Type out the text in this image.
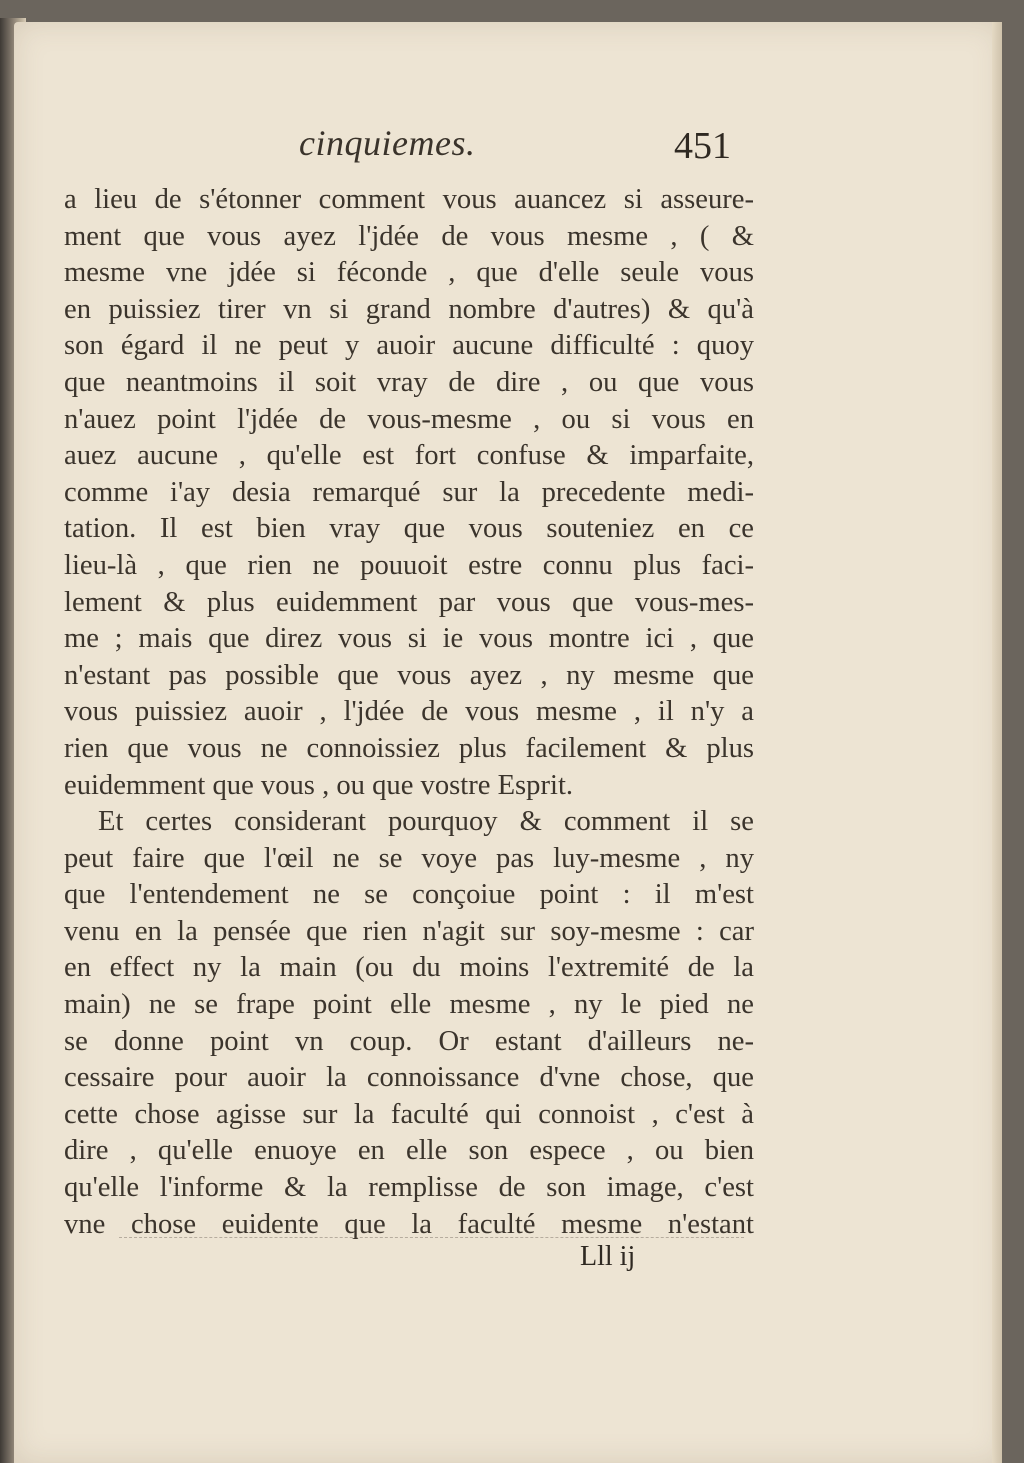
cinquiemes.	451
a lieu de s'étonner comment vous auancez si asseure-
ment que vous ayez l'jdée de vous mesme , ( &
mesme vne jdée si féconde , que d'elle seule vous
en puissiez tirer vn si grand nombre d'autres) & qu'à
son égard il ne peut y auoir aucune difficulté : quoy
que neantmoins il soit vray de dire , ou que vous
n'auez point l'jdée de vous-mesme , ou si vous en
auez aucune , qu'elle est fort confuse & imparfaite,
comme i'ay desia remarqué sur la precedente medi-
tation. Il est bien vray que vous souteniez en ce
lieu-là , que rien ne pouuoit estre connu plus faci-
lement & plus euidemment par vous que vous-mes-
me ; mais que direz vous si ie vous montre ici , que
n'estant pas possible que vous ayez , ny mesme que
vous puissiez auoir , l'jdée de vous mesme , il n'y a
rien que vous ne connoissiez plus facilement & plus
euidemment que vous , ou que vostre Esprit.
Et certes considerant pourquoy & comment il se
peut faire que l'œil ne se voye pas luy-mesme , ny
que l'entendement ne se conçoiue point : il m'est
venu en la pensée que rien n'agit sur soy-mesme : car
en effect ny la main (ou du moins l'extremité de la
main) ne se frape point elle mesme , ny le pied ne
se donne point vn coup. Or estant d'ailleurs ne-
cessaire pour auoir la connoissance d'vne chose, que
cette chose agisse sur la faculté qui connoist , c'est à
dire , qu'elle enuoye en elle son espece , ou bien
qu'elle l'informe & la remplisse de son image, c'est
vne chose euidente que la faculté mesme n'estant
Lll ij
